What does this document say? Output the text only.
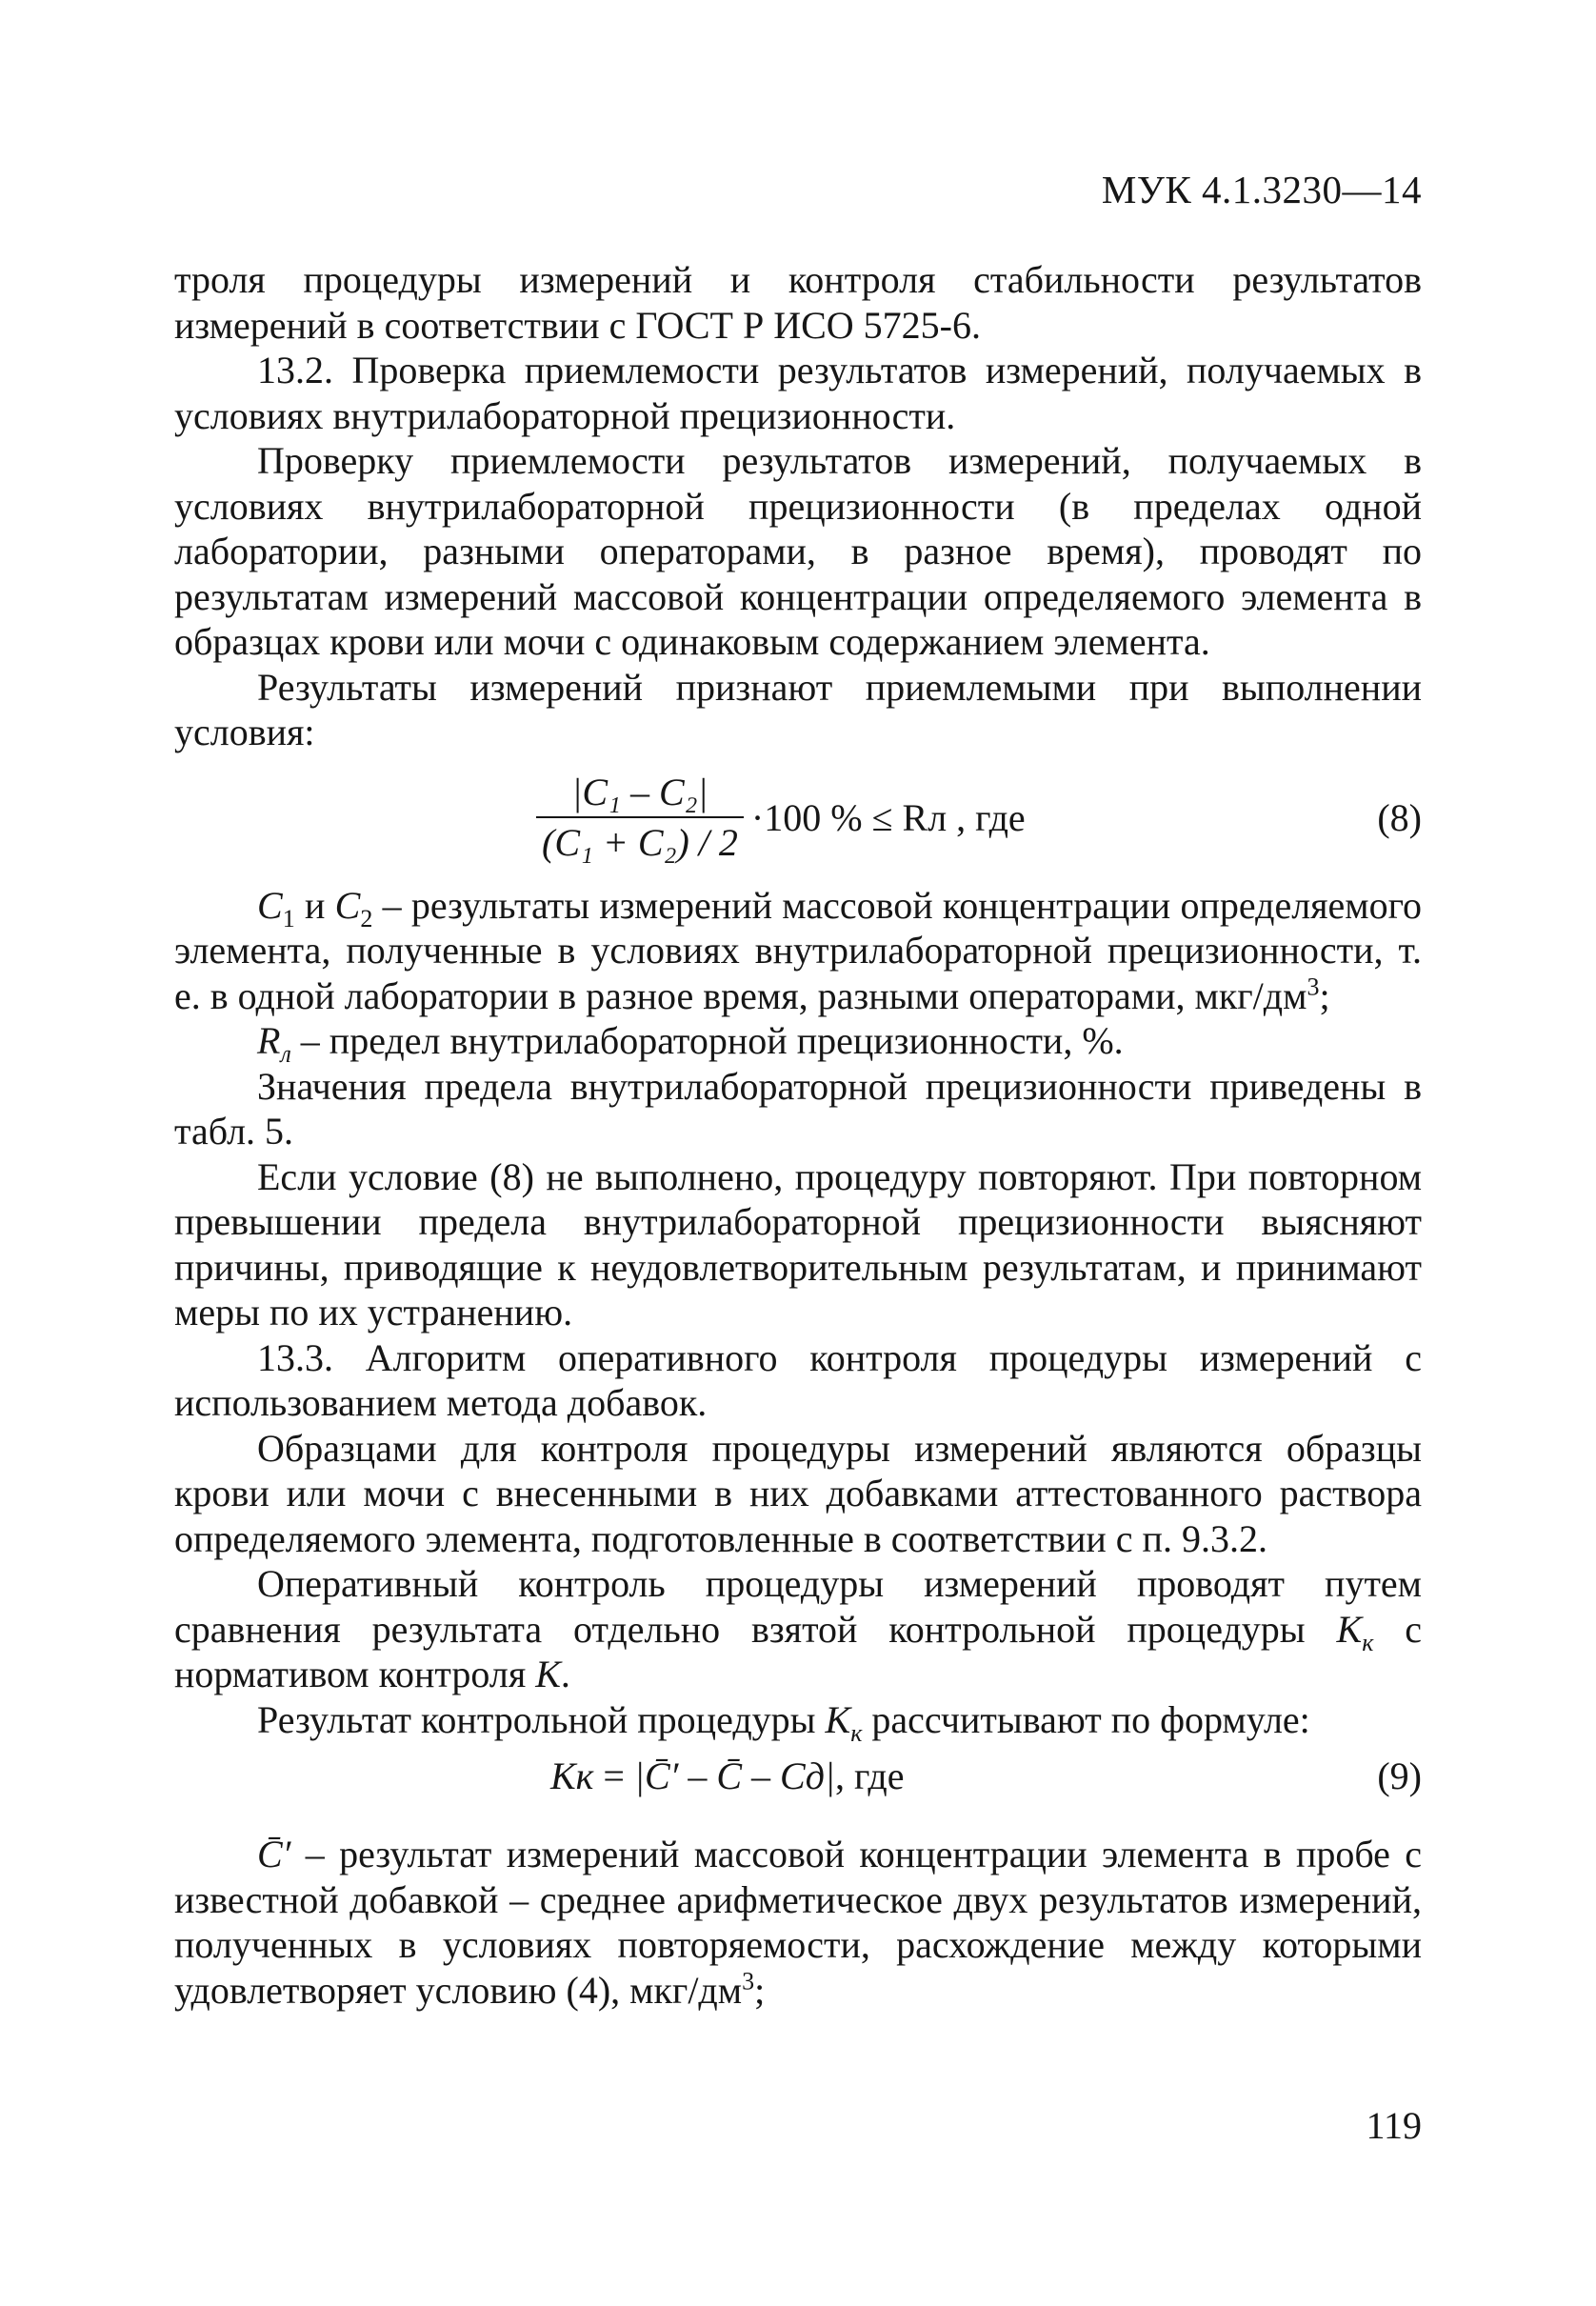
МУК 4.1.3230—14

троля процедуры измерений и контроля стабильности результатов измерений в соответствии с ГОСТ Р ИСО 5725-6.

13.2. Проверка приемлемости результатов измерений, получаемых в условиях внутрилабораторной прецизионности.

Проверку приемлемости результатов измерений, получаемых в условиях внутрилабораторной прецизионности (в пределах одной лаборатории, разными операторами, в разное время), проводят по результатам измерений массовой концентрации определяемого элемента в образцах крови или мочи с одинаковым содержанием элемента.

Результаты измерений признают приемлемыми при выполнении условия:

$\frac{\text{|C₁ – C₂|}}{\text{(C₁ + C₂) / 2}} \cdot 100$ % ≤ Rл , где	(8)

$C_1$ и $C_2$ – результаты измерений массовой концентрации определяемого элемента, полученные в условиях внутрилабораторной прецизионности, т. е. в одной лаборатории в разное время, разными операторами, мкг/$дм^3$;

$R_л$ – предел внутрилабораторной прецизионности, %.

Значения предела внутрилабораторной прецизионности приведены в табл. 5.

Если условие (8) не выполнено, процедуру повторяют. При повторном превышении предела внутрилабораторной прецизионности выясняют причины, приводящие к неудовлетворительным результатам, и принимают меры по их устранению.

13.3. Алгоритм оперативного контроля процедуры измерений с использованием метода добавок.

Образцами для контроля процедуры измерений являются образцы крови или мочи с внесенными в них добавками аттестованного раствора определяемого элемента, подготовленные в соответствии с п. 9.3.2.

Оперативный контроль процедуры измерений проводят путем сравнения результата отдельно взятой контрольной процедуры $K_к$ с нормативом контроля K.

Результат контрольной процедуры $K_к$ рассчитывают по формуле:

Kк = |C̄′ – C̄ – Cд|, где	(9)

C̄′ – результат измерений массовой концентрации элемента в пробе с известной добавкой – среднее арифметическое двух результатов измерений, полученных в условиях повторяемости, расхождение между которыми удовлетворяет условию (4), мкг/$дм^3$;

119
